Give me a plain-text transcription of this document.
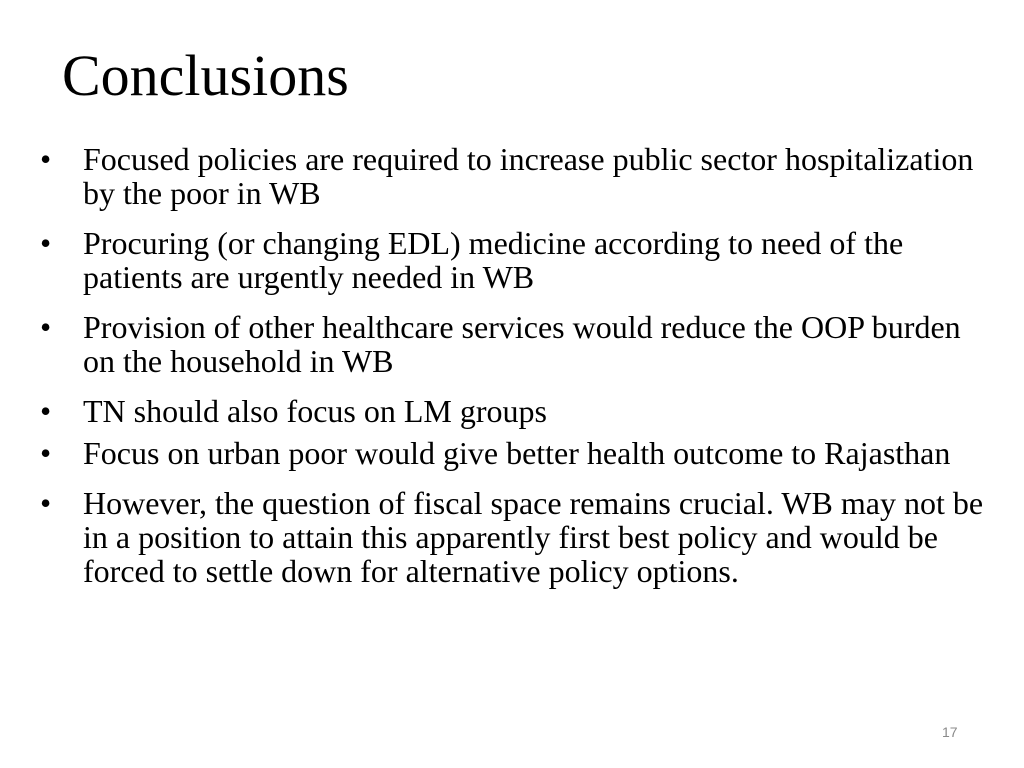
Conclusions
• Focused policies are required to increase public sector hospitalization by the poor in WB
• Procuring (or changing EDL) medicine according to need of the patients are urgently needed in WB
• Provision of other healthcare services would reduce the OOP burden on the household in WB
• TN should also focus on LM groups
• Focus on urban poor would give better health outcome to Rajasthan
• However, the question of fiscal space remains crucial. WB may not be in a position to attain this apparently first best policy and would be forced to settle down for alternative policy options.
17
